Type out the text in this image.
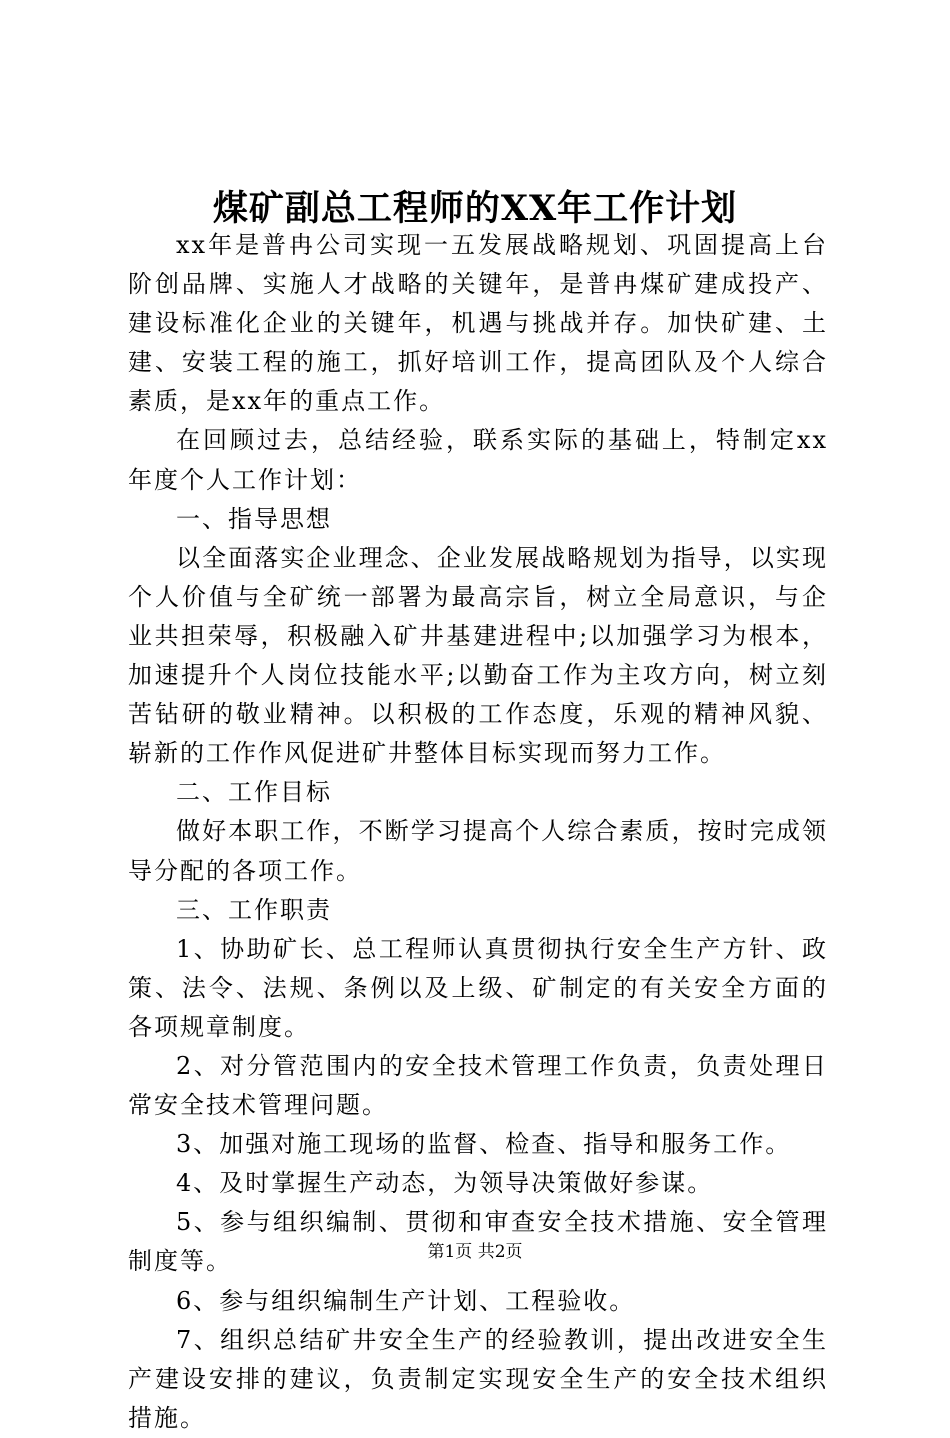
煤矿副总工程师的XX年工作计划

xx年是普冉公司实现一五发展战略规划、巩固提高上台阶创品牌、实施人才战略的关键年，是普冉煤矿建成投产、建设标准化企业的关键年，机遇与挑战并存。加快矿建、土建、安装工程的施工，抓好培训工作，提高团队及个人综合素质，是xx年的重点工作。

在回顾过去，总结经验，联系实际的基础上，特制定xx年度个人工作计划：

一、指导思想

以全面落实企业理念、企业发展战略规划为指导，以实现个人价值与全矿统一部署为最高宗旨，树立全局意识，与企业共担荣辱，积极融入矿井基建进程中;以加强学习为根本，加速提升个人岗位技能水平;以勤奋工作为主攻方向，树立刻苦钻研的敬业精神。以积极的工作态度，乐观的精神风貌、崭新的工作作风促进矿井整体目标实现而努力工作。

二、工作目标

做好本职工作，不断学习提高个人综合素质，按时完成领导分配的各项工作。

三、工作职责

1、协助矿长、总工程师认真贯彻执行安全生产方针、政策、法令、法规、条例以及上级、矿制定的有关安全方面的各项规章制度。

2、对分管范围内的安全技术管理工作负责，负责处理日常安全技术管理问题。

3、加强对施工现场的监督、检查、指导和服务工作。

4、及时掌握生产动态，为领导决策做好参谋。

5、参与组织编制、贯彻和审查安全技术措施、安全管理制度等。

6、参与组织编制生产计划、工程验收。

7、组织总结矿井安全生产的经验教训，提出改进安全生产建设安排的建议，负责制定实现安全生产的安全技术组织措施。

第1页 共2页
